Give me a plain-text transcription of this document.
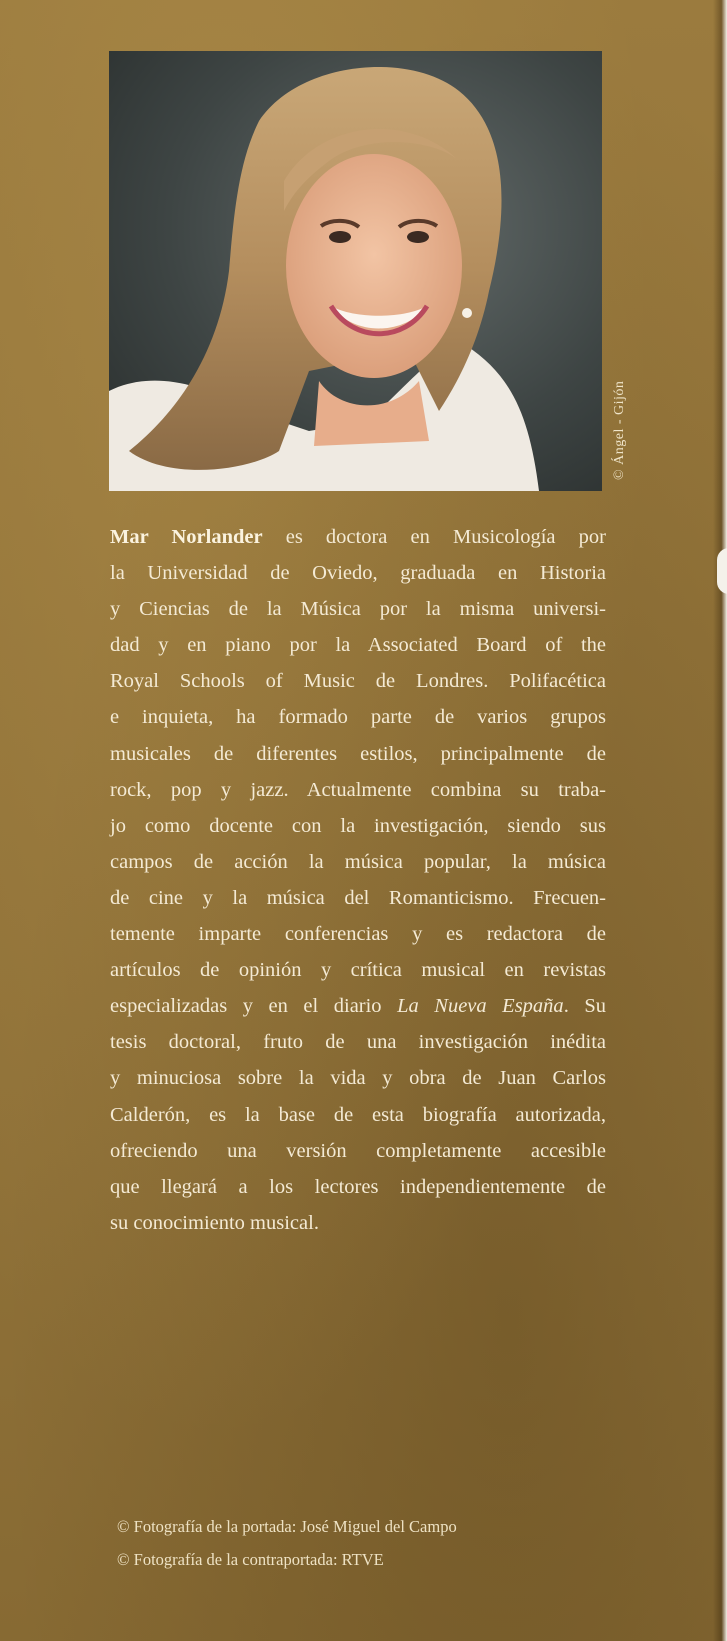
© Ángel - Gijón

Mar Norlander es doctora en Musicología por
la Universidad de Oviedo, graduada en Historia
y Ciencias de la Música por la misma universi-
dad y en piano por la Associated Board of the
Royal Schools of Music de Londres. Polifacética
e inquieta, ha formado parte de varios grupos
musicales de diferentes estilos, principalmente de
rock, pop y jazz. Actualmente combina su traba-
jo como docente con la investigación, siendo sus
campos de acción la música popular, la música
de cine y la música del Romanticismo. Frecuen-
temente imparte conferencias y es redactora de
artículos de opinión y crítica musical en revistas
especializadas y en el diario La Nueva España. Su
tesis doctoral, fruto de una investigación inédita
y minuciosa sobre la vida y obra de Juan Carlos
Calderón, es la base de esta biografía autorizada,
ofreciendo una versión completamente accesible
que llegará a los lectores independientemente de
su conocimiento musical.

© Fotografía de la portada: José Miguel del Campo
© Fotografía de la contraportada: RTVE
